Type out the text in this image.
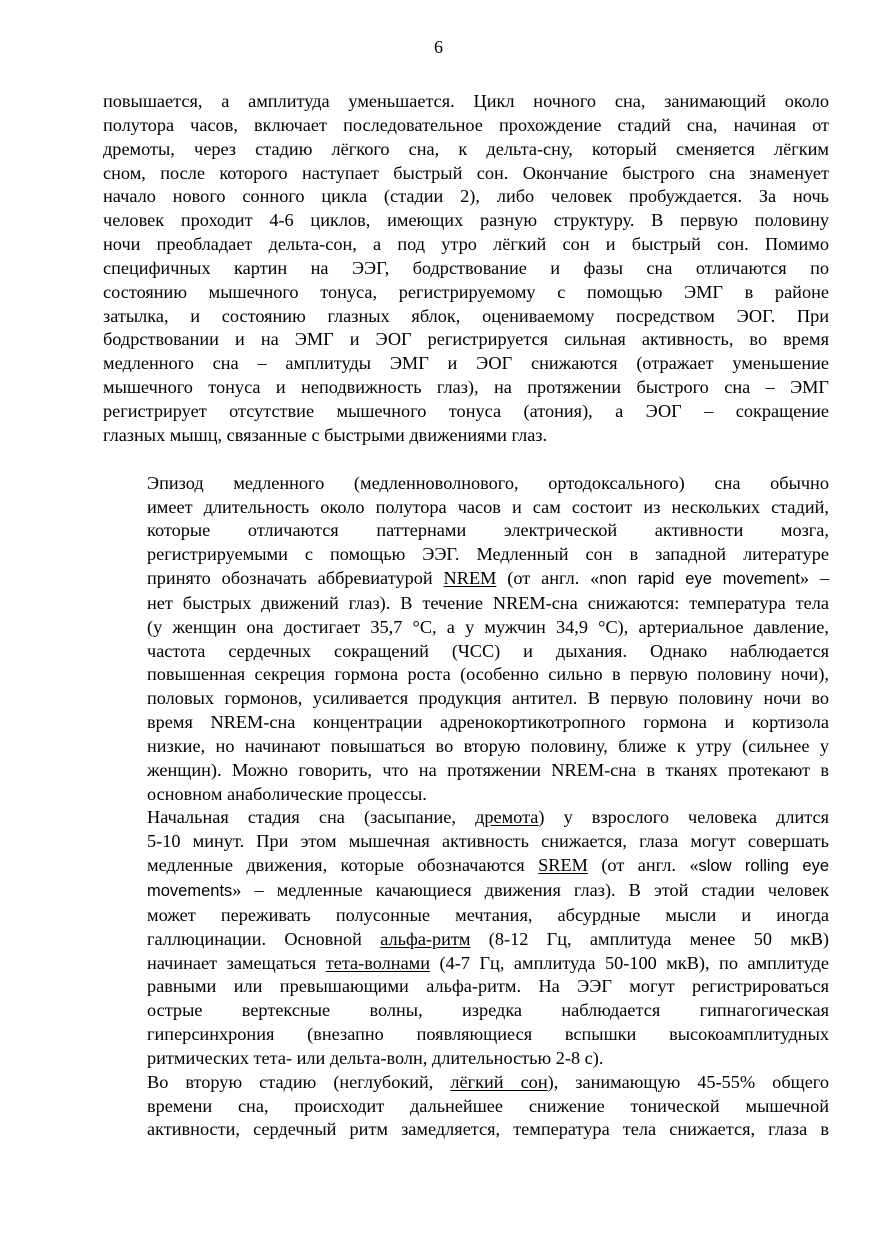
6
повышается, а амплитуда уменьшается. Цикл ночного сна, занимающий около
полутора часов, включает последовательное прохождение стадий сна, начиная от
дремоты, через стадию лёгкого сна, к дельта-сну, который сменяется лёгким
сном, после которого наступает быстрый сон. Окончание быстрого сна знаменует
начало нового сонного цикла (стадии 2), либо человек пробуждается. За ночь
человек проходит 4-6 циклов, имеющих разную структуру. В первую половину
ночи преобладает дельта-сон, а под утро лёгкий сон и быстрый сон. Помимо
специфичных картин на ЭЭГ, бодрствование и фазы сна отличаются по
состоянию мышечного тонуса, регистрируемому с помощью ЭМГ в районе
затылка, и состоянию глазных яблок, оцениваемому посредством ЭОГ. При
бодрствовании и на ЭМГ и ЭОГ регистрируется сильная активность, во время
медленного сна – амплитуды ЭМГ и ЭОГ снижаются (отражает уменьшение
мышечного тонуса и неподвижность глаз), на протяжении быстрого сна – ЭМГ
регистрирует отсутствие мышечного тонуса (атония), а ЭОГ – сокращение
глазных мышц, связанные с быстрыми движениями глаз.
Эпизод медленного (медленноволнового, ортодоксального) сна обычно
имеет длительность около полутора часов и сам состоит из нескольких стадий,
которые отличаются паттернами электрической активности мозга,
регистрируемыми с помощью ЭЭГ. Медленный сон в западной литературе
принято обозначать аббревиатурой NREM (от англ. «non rapid eye movement» –
нет быстрых движений глаз). В течение NREM-сна снижаются: температура тела
(у женщин она достигает 35,7 °С, а у мужчин 34,9 °С), артериальное давление,
частота сердечных сокращений (ЧСС) и дыхания. Однако наблюдается
повышенная секреция гормона роста (особенно сильно в первую половину ночи),
половых гормонов, усиливается продукция антител. В первую половину ночи во
время NREM-сна концентрации адренокортикотропного гормона и кортизола
низкие, но начинают повышаться во вторую половину, ближе к утру (сильнее у
женщин). Можно говорить, что на протяжении NREM-сна в тканях протекают в
основном анаболические процессы.
Начальная стадия сна (засыпание, дремота) у взрослого человека длится
5-10 минут. При этом мышечная активность снижается, глаза могут совершать
медленные движения, которые обозначаются SREM (от англ. «slow rolling eye
movements» – медленные качающиеся движения глаз). В этой стадии человек
может переживать полусонные мечтания, абсурдные мысли и иногда
галлюцинации. Основной альфа-ритм (8-12 Гц, амплитуда менее 50 мкВ)
начинает замещаться тета-волнами (4-7 Гц, амплитуда 50-100 мкВ), по амплитуде
равными или превышающими альфа-ритм. На ЭЭГ могут регистрироваться
острые вертексные волны, изредка наблюдается гипнагогическая
гиперсинхрония (внезапно появляющиеся вспышки высокоамплитудных
ритмических тета- или дельта-волн, длительностью 2-8 с).
Во вторую стадию (неглубокий, лёгкий сон), занимающую 45-55% общего
времени сна, происходит дальнейшее снижение тонической мышечной
активности, сердечный ритм замедляется, температура тела снижается, глаза в
